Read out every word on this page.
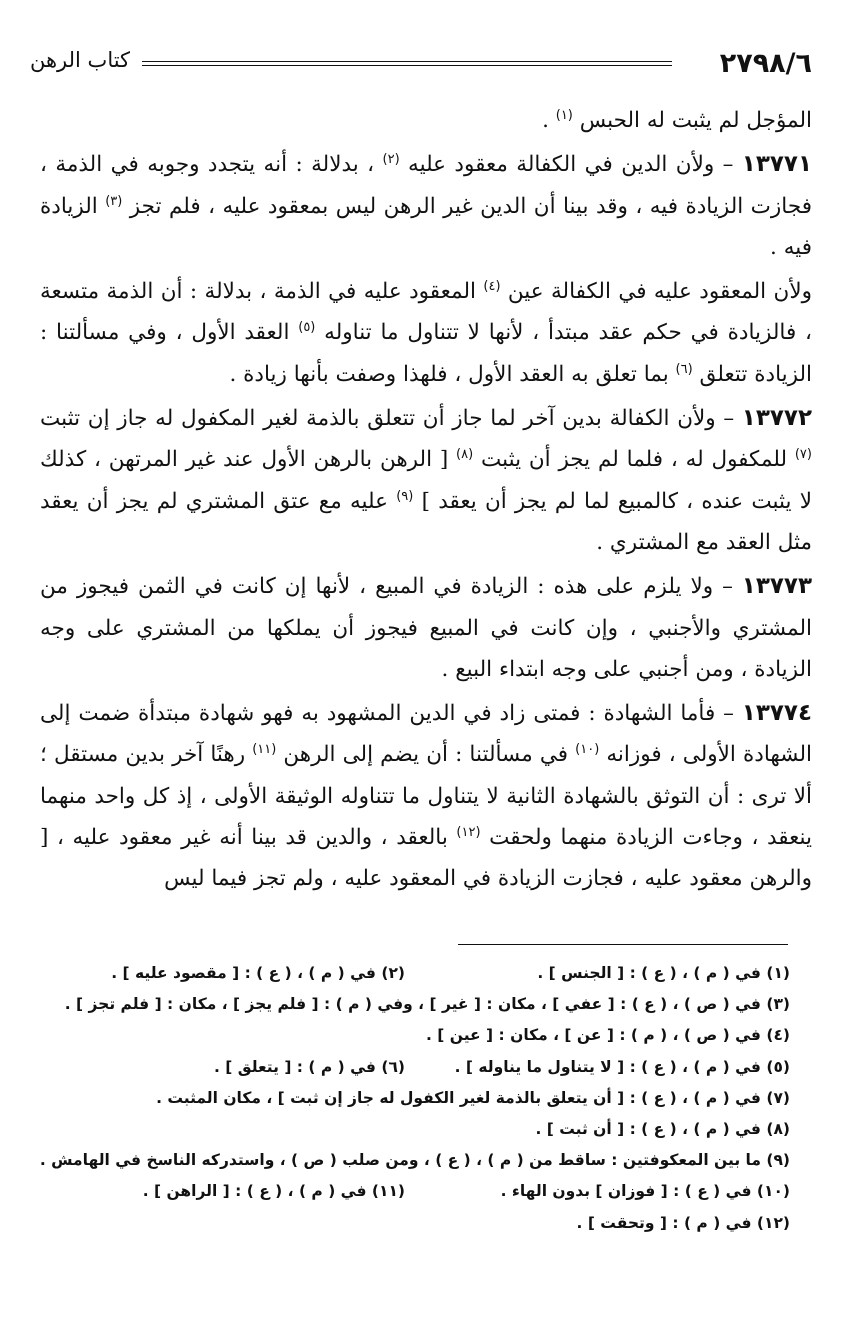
٢٧٩٨/٦
كتاب الرهن

المؤجل لم يثبت له الحبس $^{(١)}$ .

١٣٧٧١ – ولأن الدين في الكفالة معقود عليه $^{(٢)}$ ، بدلالة : أنه يتجدد وجوبه في الذمة ، فجازت الزيادة فيه ، وقد بينا أن الدين غير الرهن ليس بمعقود عليه ، فلم تجز $^{(٣)}$ الزيادة فيه .

ولأن المعقود عليه في الكفالة عين $^{(٤)}$ المعقود عليه في الذمة ، بدلالة : أن الذمة متسعة ، فالزيادة في حكم عقد مبتدأ ، لأنها لا تتناول ما تناوله $^{(٥)}$ العقد الأول ، وفي مسألتنا : الزيادة تتعلق $^{(٦)}$ بما تعلق به العقد الأول ، فلهذا وصفت بأنها زيادة .

١٣٧٧٢ – ولأن الكفالة بدين آخر لما جاز أن تتعلق بالذمة لغير المكفول له جاز إن تثبت $^{(٧)}$ للمكفول له ، فلما لم يجز أن يثبت $^{(٨)}$ [ الرهن بالرهن الأول عند غير المرتهن ، كذلك لا يثبت عنده ، كالمبيع لما لم يجز أن يعقد ] $^{(٩)}$ عليه مع عتق المشتري لم يجز أن يعقد مثل العقد مع المشتري .

١٣٧٧٣ – ولا يلزم على هذه : الزيادة في المبيع ، لأنها إن كانت في الثمن فيجوز من المشتري والأجنبي ، وإن كانت في المبيع فيجوز أن يملكها من المشتري على وجه الزيادة ، ومن أجنبي على وجه ابتداء البيع .

١٣٧٧٤ – فأما الشهادة : فمتى زاد في الدين المشهود به فهو شهادة مبتدأة ضمت إلى الشهادة الأولى ، فوزانه $^{(١٠)}$ في مسألتنا : أن يضم إلى الرهن $^{(١١)}$ رهنًا آخر بدين مستقل ؛ ألا ترى : أن التوثق بالشهادة الثانية لا يتناول ما تتناوله الوثيقة الأولى ، إذ كل واحد منهما ينعقد ، وجاءت الزيادة منهما ولحقت $^{(١٢)}$ بالعقد ، والدين قد بينا أنه غير معقود عليه ، [ والرهن معقود عليه ، فجازت الزيادة في المعقود عليه ، ولم تجز فيما ليس

(١) في ( م ) ، ( ع ) : [ الجنس ] .
(٢) في ( م ) ، ( ع ) : [ مقصود عليه ] .
(٣) في ( ص ) ، ( ع ) : [ عفي ] ، مكان : [ غير ] ، وفي ( م ) : [ فلم يجز ] ، مكان : [ فلم تجز ] .
(٤) في ( ص ) ، ( م ) : [ عن ] ، مكان : [ عين ] .
(٥) في ( م ) ، ( ع ) : [ لا يتناول ما يناوله ] .
(٦) في ( م ) : [ يتعلق ] .
(٧) في ( م ) ، ( ع ) : [ أن يتعلق بالذمة لغير الكفول له جاز إن ثبت ] ، مكان المثبت .
(٨) في ( م ) ، ( ع ) : [ أن ثبت ] .
(٩) ما بين المعكوفتين : ساقط من ( م ) ، ( ع ) ، ومن صلب ( ص ) ، واستدركه الناسخ في الهامش .
(١٠) في ( ع ) : [ فوزان ] بدون الهاء .
(١١) في ( م ) ، ( ع ) : [ الراهن ] .
(١٢) في ( م ) : [ وتحقت ] .
